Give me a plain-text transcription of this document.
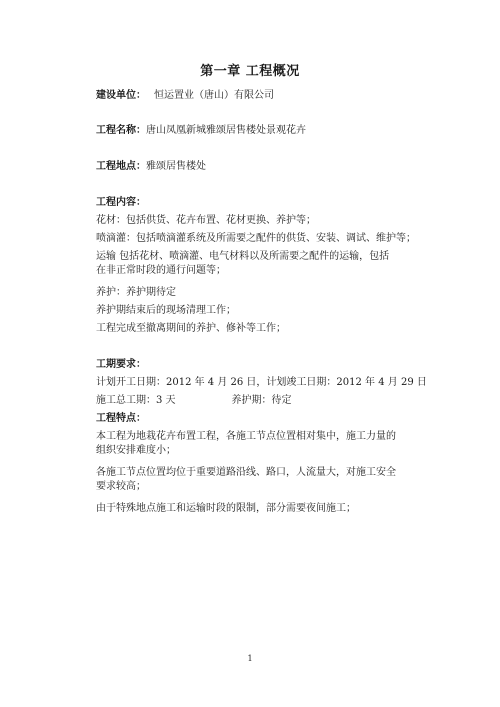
第一章 工程概况
建设单位： 恒运置业（唐山）有限公司
工程名称：唐山凤凰新城雅颂居售楼处景观花卉
工程地点：雅颂居售楼处
工程内容：
花材：包括供货、花卉布置、花材更换、养护等；
喷滴灌：包括喷滴灌系统及所需要之配件的供货、安装、调试、维护等；
运输 包括花材、喷滴灌、电气材料以及所需要之配件的运输，包括在非正常时段的通行问题等；
养护：养护期待定
养护期结束后的现场清理工作；
工程完成至撤离期间的养护、修补等工作；
工期要求：
计划开工日期：2012 年 4 月 26 日，计划竣工日期：2012 年 4 月 29 日
施工总工期：3 天	养护期：待定
工程特点：
本工程为地栽花卉布置工程，各施工节点位置相对集中，施工力量的组织安排难度小；
各施工节点位置均位于重要道路沿线、路口，人流量大，对施工安全要求较高；
由于特殊地点施工和运输时段的限制，部分需要夜间施工；
1
